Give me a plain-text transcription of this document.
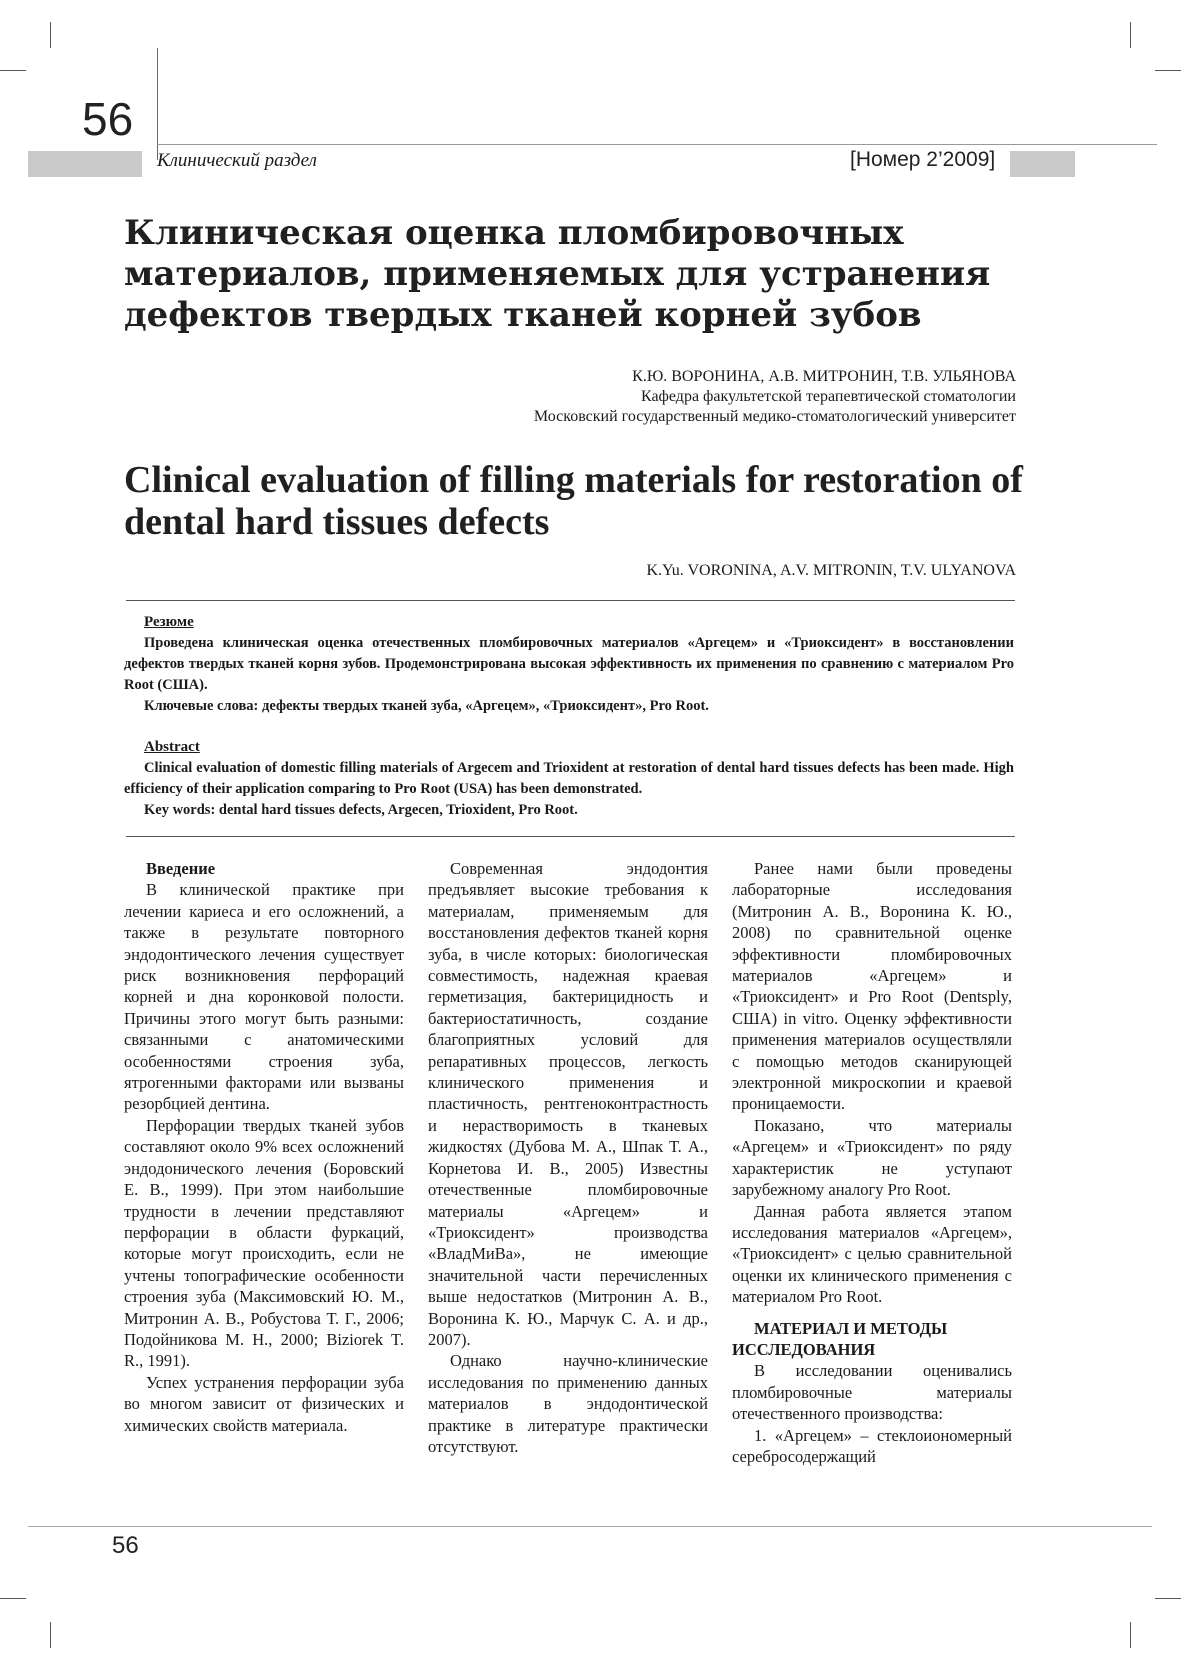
56
Клинический раздел	[Номер 2’2009]
Клиническая оценка пломбировочных материалов, применяемых для устранения дефектов твердых тканей корней зубов
К.Ю. ВОРОНИНА, А.В. МИТРОНИН, Т.В. УЛЬЯНОВА
Кафедра факультетской терапевтической стоматологии
Московский государственный медико-стоматологичеcкий университет
Clinical evaluation of filling materials for restoration of dental hard tissues defects
K.Yu. VORONINA, A.V. MITRONIN, T.V. ULYANOVA
Резюме

Проведена клиническая оценка отечественных пломбировочных материалов «Аргецем» и «Триоксидент» в восстановлении дефектов твердых тканей корня зубов. Продемонстрирована высокая эффективность их применения по сравнению с материалом Pro Root (США).

Ключевые слова: дефекты твердых тканей зуба, «Аргецем», «Триоксидент», Pro Root.

Abstract

Clinical evaluation of domestic filling materials of Argecem and Trioxident at restoration of dental hard tissues defects has been made. High efficiency of their application comparing to Pro Root (USA) has been demonstrated.

Key words: dental hard tissues defects, Argecen, Trioxident, Pro Root.

Введение

В клинической практике при лечении кариеса и его осложнений, а также в результате повторного эндодонтического лечения существует риск возникновения перфораций корней и дна коронковой полости. Причины этого могут быть разными: связанными с анатомическими особенностями строения зуба, ятрогенными факторами или вызваны резорбцией дентина.

Перфорации твердых тканей зубов составляют около 9% всех осложнений эндодонического лечения (Боровский Е. В., 1999). При этом наибольшие трудности в лечении представляют перфорации в области фуркаций, которые могут происходить, если не учтены топографические особенности строения зуба (Максимовский Ю. М., Митронин А. В., Робустова Т. Г., 2006; Подойникова М. Н., 2000; Biziorek T. R., 1991).

Успех устранения перфорации зуба во многом зависит от физических и химических свойств материала.

Современная эндодонтия предъявляет высокие требования к материалам, применяемым для восстановления дефектов тканей корня зуба, в числе которых: биологическая совместимость, надежная краевая герметизация, бактерицидность и бактериостатичность, создание благоприятных условий для репаративных процессов, легкость клинического применения и пластичность, рентгеноконтрастность и нерастворимость в тканевых жидкостях (Дубова М. А., Шпак Т. А., Корнетова И. В., 2005) Известны отечественные пломбировочные материалы «Аргецем» и «Триоксидент» производства «ВладМиВа», не имеющие значительной части перечисленных выше недостатков (Митронин А. В., Воронина К. Ю., Марчук С. А. и др., 2007).

Однако научно-клинические исследования по применению данных материалов в эндодонтической практике в литературе практически отсутствуют.

Ранее нами были проведены лабораторные исследования (Митронин А. В., Воронина К. Ю., 2008) по сравнительной оценке эффективности пломбировочных материалов «Аргецем» и «Триоксидент» и Pro Root (Dentsply, США) in vitro. Оценку эффективности применения материалов осуществляли с помощью методов сканирующей электронной микроскопии и краевой проницаемости.

Показано, что материалы «Аргецем» и «Триоксидент» по ряду характеристик не уступают зарубежному аналогу Pro Root.

Данная работа является этапом исследования материалов «Аргецем», «Триоксидент» с целью сравнительной оценки их клинического применения с материалом Pro Root.

МАТЕРИАЛ И МЕТОДЫ ИССЛЕДОВАНИЯ

В исследовании оценивались пломбировочные материалы отечественного производства:

1. «Аргецем» – стеклоиономерный серебросодержащий

56
